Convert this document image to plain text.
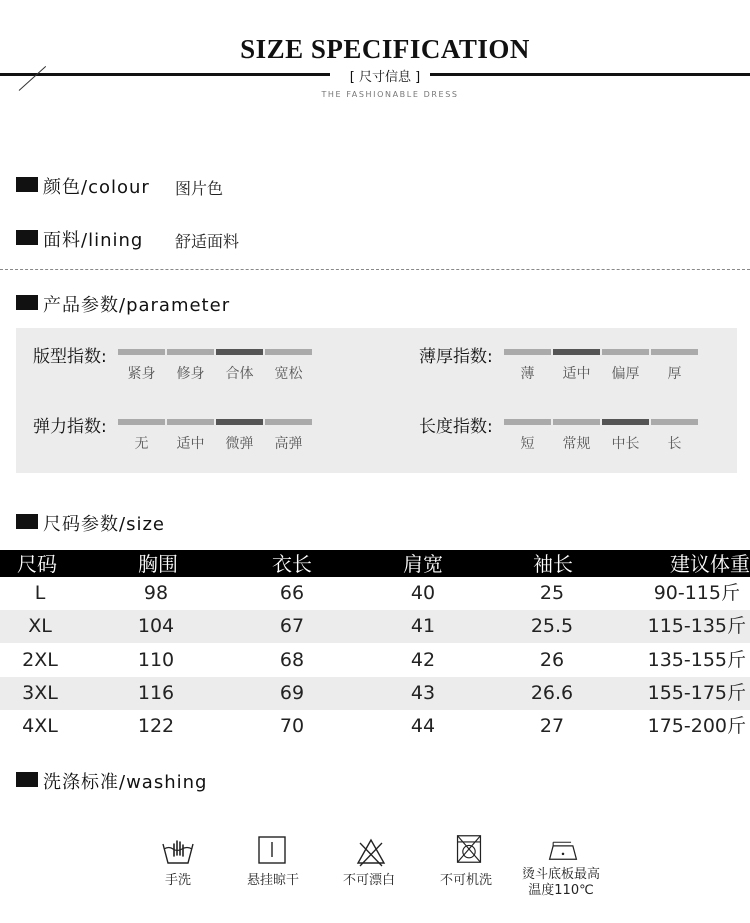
SIZE SPECIFICATION
[ 尺寸信息 ]
THE FASHIONABLE DRESS
颜色/colour 图片色
面料/lining 舒适面料
产品参数/parameter
版型指数:
紧身	修身	合体	宽松
薄厚指数:
薄	适中	偏厚	厚
弹力指数:
无	适中	微弹	高弹
长度指数:
短	常规	中长	长
尺码参数/size
尺码	胸围	衣长	肩宽	袖长	建议体重
L	98	66	40	25	90-115斤
XL	104	67	41	25.5	115-135斤
2XL	110	68	42	26	135-155斤
3XL	116	69	43	26.6	155-175斤
4XL	122	70	44	27	175-200斤
洗涤标准/washing
手洗	悬挂晾干	不可漂白	不可机洗	烫斗底板最高
温度110℃
